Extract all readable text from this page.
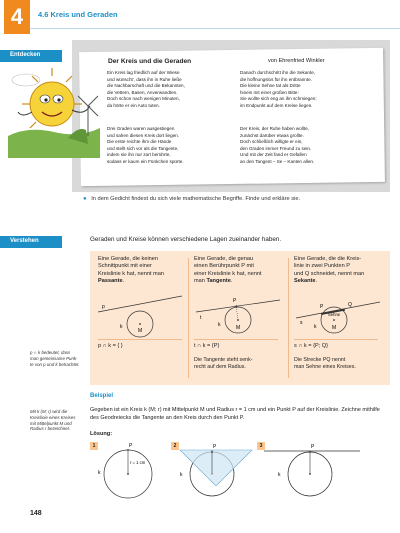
4 4.6 Kreis und Geraden
Entdecken
Der Kreis und die Geraden	von Ehrenfried Winkler
Ein Kreis lag friedlich auf der Wiese
und wünscht', dass ihn in Ruhe ließe
die Nachbarschaft und die Bekannten,
die Vettern, Basen, Anverwandten.
Doch schon nach wenigen Minuten,
da hörte er ein Auto tuten.
Drei Graden waren ausgestiegen
und sahen diesen Kreis dort liegen.
Die erste reichte ihm die Hände
und stellt sich vor als die Tangente,
indem sie ihn nur zart berührte,
sodass er kaum ein Fünkchen spürte.
Danach durchschritt ihn die Sekante,
die hoffnungslos für ihn entbrannte.
Die kleine Sehne tat als Dritte
hinein mit einer großen Bitte:
Sie wollte sich eng an ihn schmiegen;
im Endpunkt auf dem Kreise liegen.
Der Kreis, der Ruhe haben wollte,
zunächst darüber etwas grollte.
Doch schließlich willigte er ein,
den Graden immer Freund zu sein.
Und mit der Zeit fand er Gefallen
an den Tangent – Se – Kanten allen.
● In dem Gedicht findest du sich viele mathematische Begriffe. Finde und erkläre sie.
Verstehen	Geraden und Kreise können verschiedene Lagen zueinander haben.
Eine Gerade, die keinen
Schnittpunkt mit einer
Kreislinie k hat, nennt man
Passante.
p
k
M
p ∩ k = { }
Eine Gerade, die genau
einen Berührpunkt P mit
einer Kreislinie k hat, nennt
man Tangente.
P
t
k	M
t ∩ k = {P}
Die Tangente steht senk-
recht auf dem Radius.
Eine Gerade, die die Kreis-
linie in zwei Punkten P
und Q schneidet, nennt man
Sekante.
P	Q
Sehne
s
k	M
s ∩ k = {P; Q}
Die Strecke PQ nennt
man Sehne eines Kreises.
p ∩ k bedeutet, dass
man gemeinsame Punk-
te von p und k betrachtet.
Beispiel
Mit k (M; r) wird die
Kreislinie eines Kreises
mit Mittelpunkt M und
Radius r bezeichnet.
Gegeben ist ein Kreis k (M; r) mit Mittelpunkt M und Radius r = 1 cm und ein Punkt P auf der Kreislinie. Zeichne mithilfe des Geodreiecks die Tangente an den Kreis durch den Punkt P.
Lösung:
1	P
r = 1 cm
k
2	P
k
3	P
k
148
